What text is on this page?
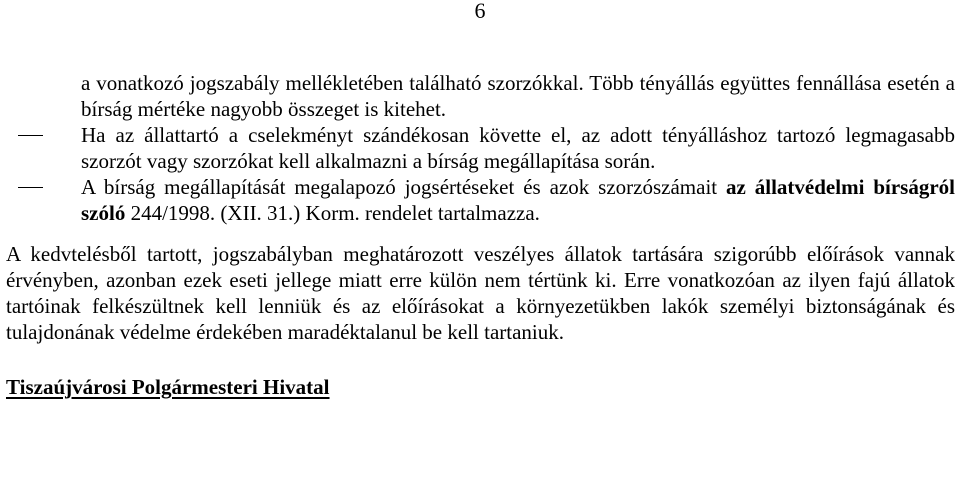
6

a vonatkozó jogszabály mellékletében található szorzókkal. Több tényállás együttes fennállása esetén a bírság mértéke nagyobb összeget is kitehet.

Ha az állattartó a cselekményt szándékosan követte el, az adott tényálláshoz tartozó legmagasabb szorzót vagy szorzókat kell alkalmazni a bírság megállapítása során.
A bírság megállapítását megalapozó jogsértéseket és azok szorzószámait az állatvédelmi bírságról szóló 244/1998. (XII. 31.) Korm. rendelet tartalmazza.

A kedvtelésből tartott, jogszabályban meghatározott veszélyes állatok tartására szigorúbb előírások vannak érvényben, azonban ezek eseti jellege miatt erre külön nem tértünk ki. Erre vonatkozóan az ilyen fajú állatok tartóinak felkészültnek kell lenniük és az előírásokat a környezetükben lakók személyi biztonságának és tulajdonának védelme érdekében maradéktalanul be kell tartaniuk.

Tiszaújvárosi Polgármesteri Hivatal
